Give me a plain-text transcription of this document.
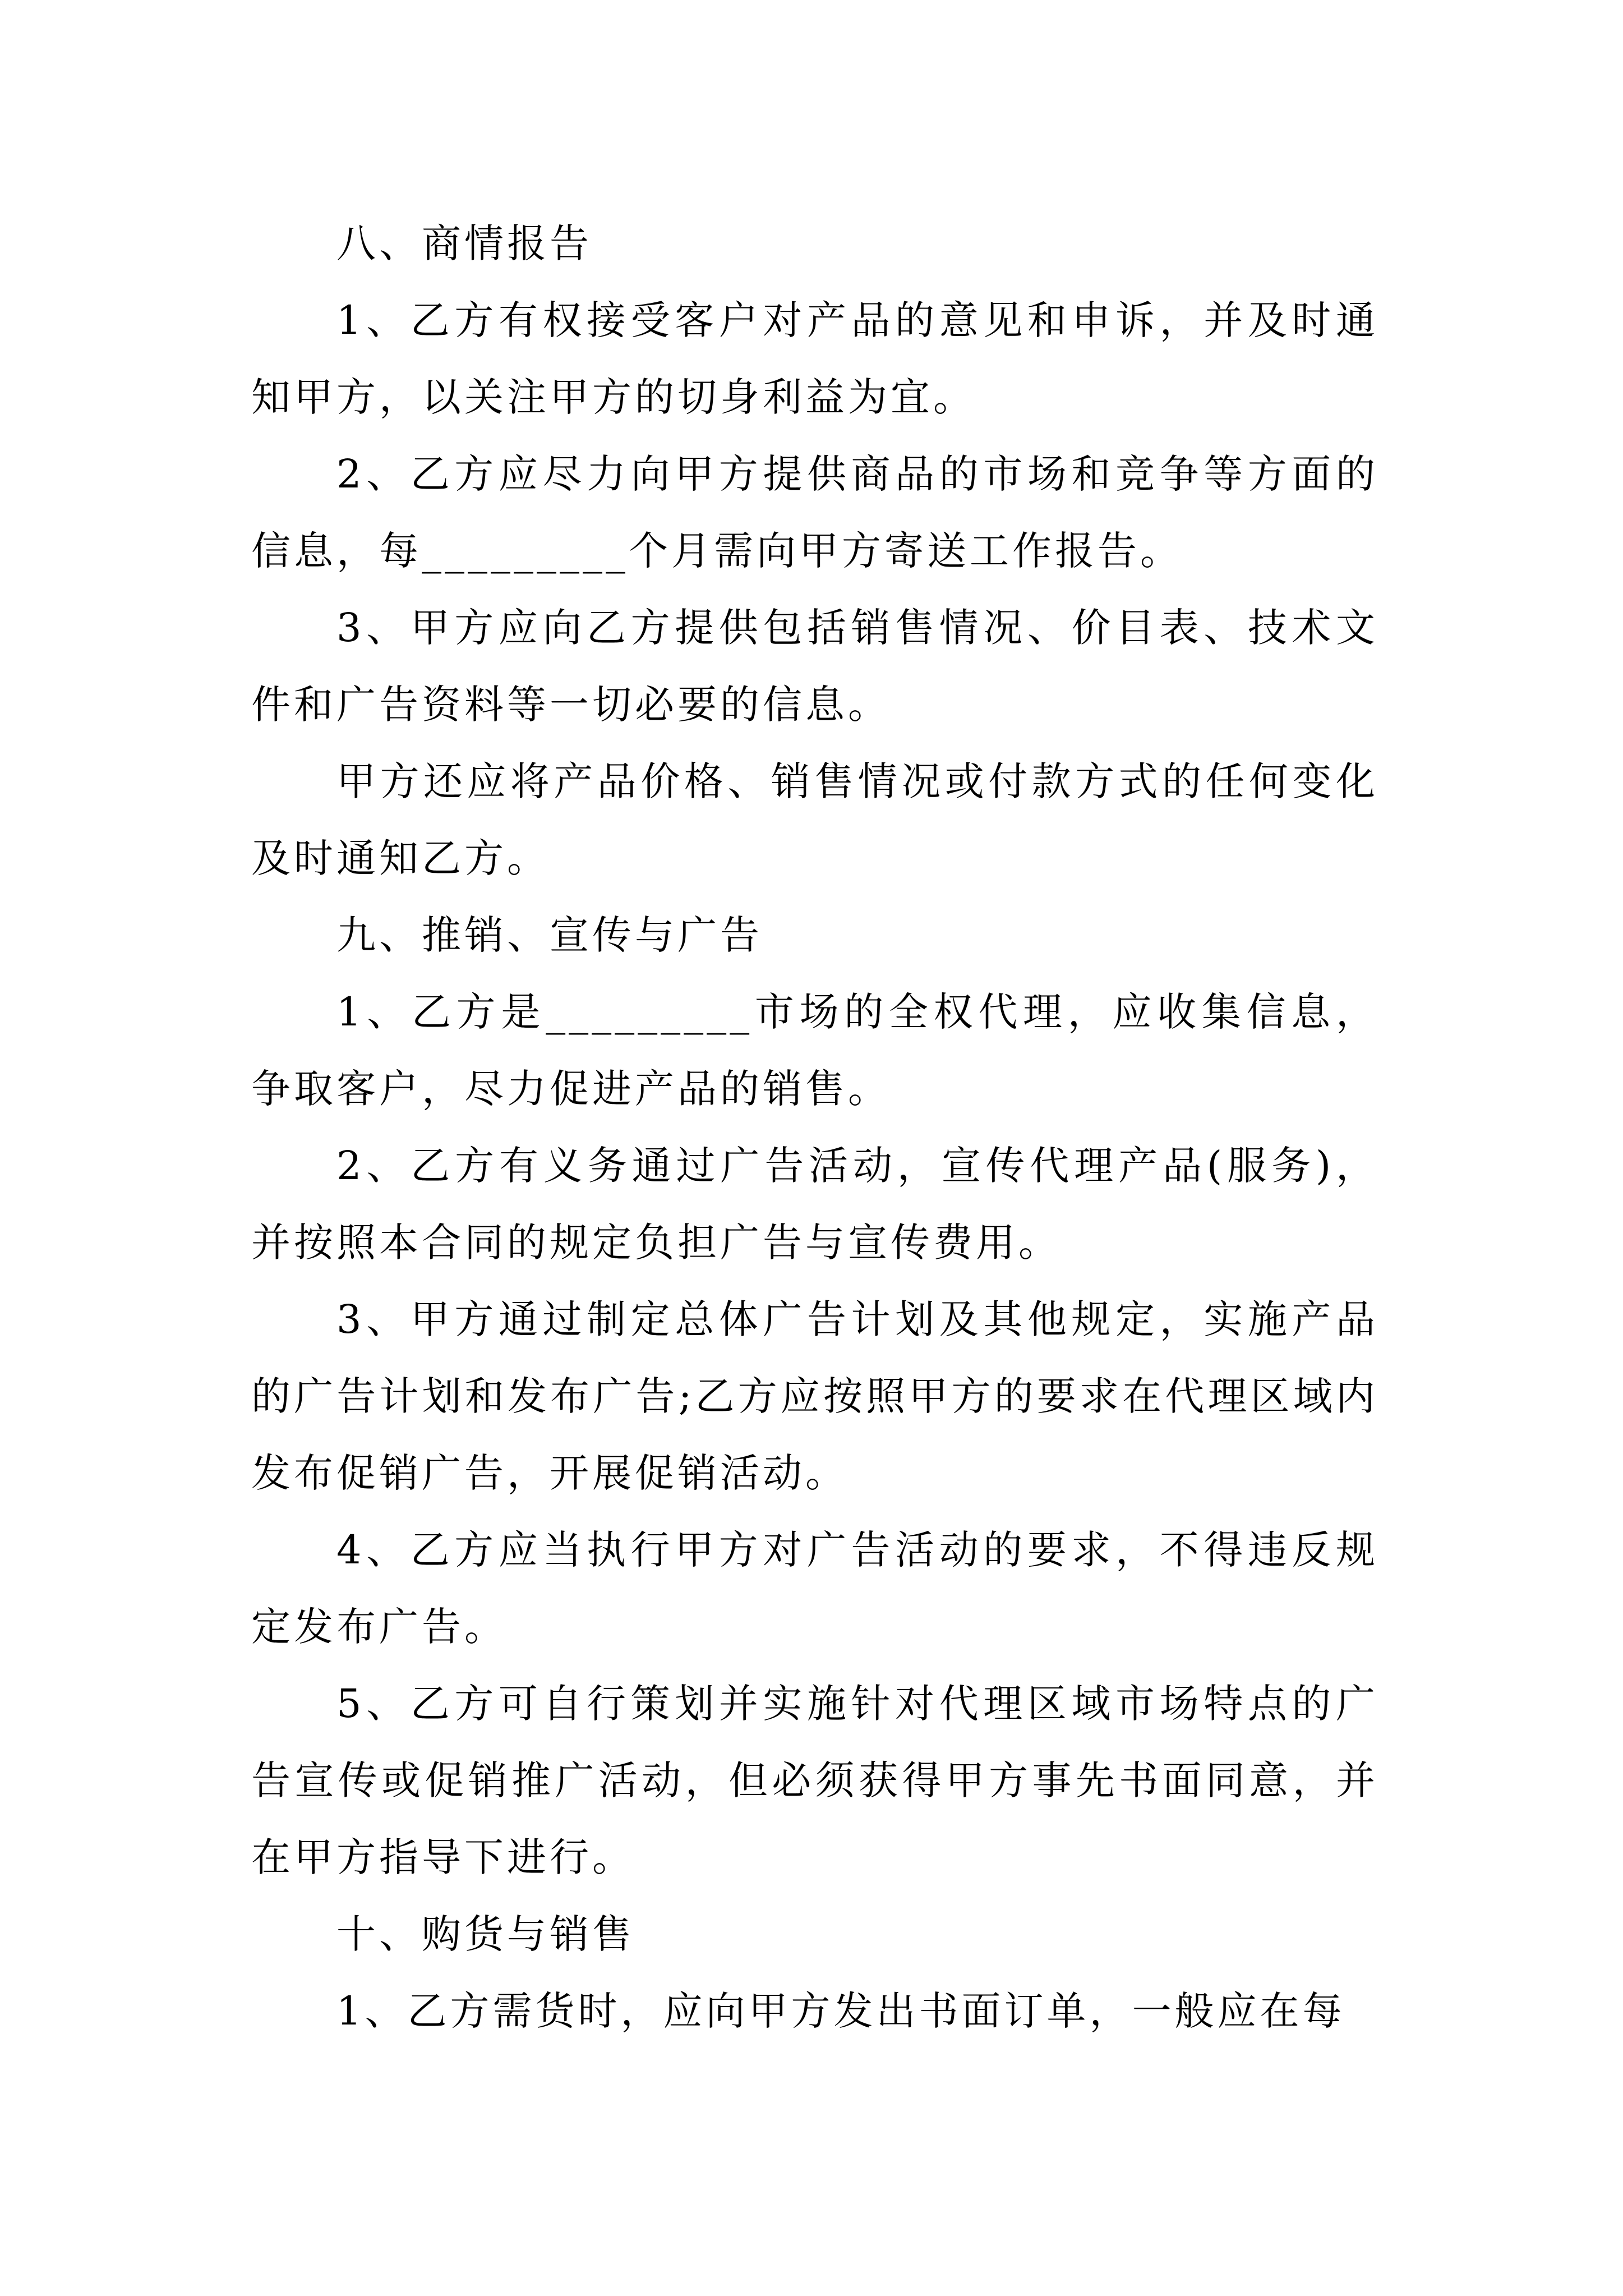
八、商情报告

1、乙方有权接受客户对产品的意见和申诉，并及时通知甲方，以关注甲方的切身利益为宜。

2、乙方应尽力向甲方提供商品的市场和竞争等方面的信息，每_________个月需向甲方寄送工作报告。

3、甲方应向乙方提供包括销售情况、价目表、技术文件和广告资料等一切必要的信息。

甲方还应将产品价格、销售情况或付款方式的任何变化及时通知乙方。

九、推销、宣传与广告

1、乙方是_________市场的全权代理，应收集信息，争取客户，尽力促进产品的销售。

2、乙方有义务通过广告活动，宣传代理产品(服务)，并按照本合同的规定负担广告与宣传费用。

3、甲方通过制定总体广告计划及其他规定，实施产品的广告计划和发布广告;乙方应按照甲方的要求在代理区域内发布促销广告，开展促销活动。

4、乙方应当执行甲方对广告活动的要求，不得违反规定发布广告。

5、乙方可自行策划并实施针对代理区域市场特点的广告宣传或促销推广活动，但必须获得甲方事先书面同意，并在甲方指导下进行。

十、购货与销售

1、乙方需货时，应向甲方发出书面订单，一般应在每
